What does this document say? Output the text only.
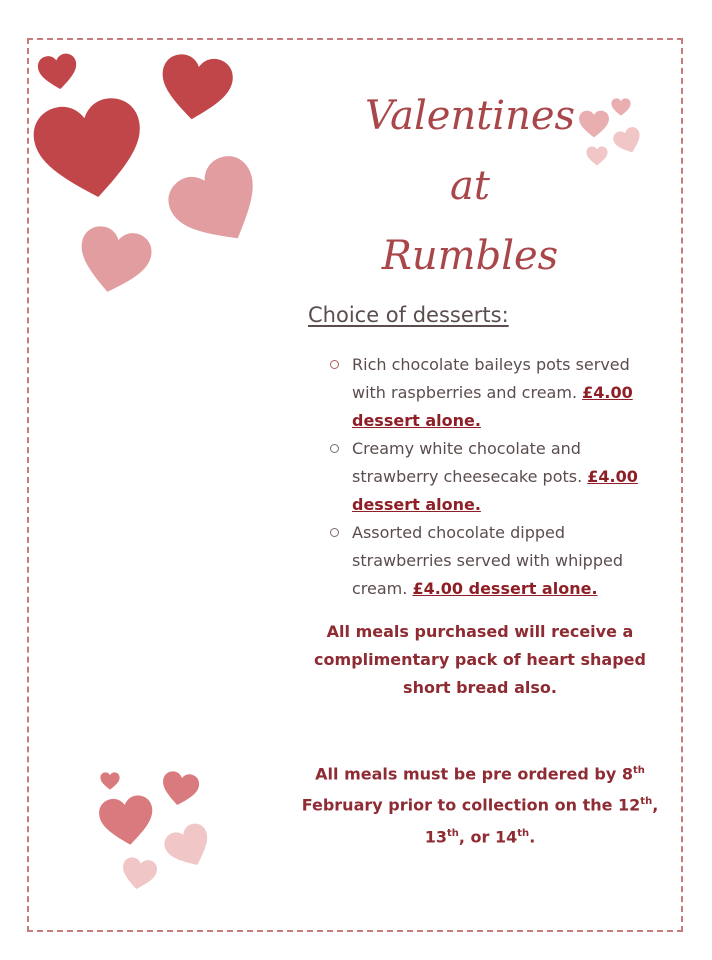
Valentines
at
Rumbles
Choice of desserts:
Rich chocolate baileys pots served with raspberries and cream. £4.00 dessert alone.
Creamy white chocolate and strawberry cheesecake pots. £4.00 dessert alone.
Assorted chocolate dipped strawberries served with whipped cream. £4.00 dessert alone.
All meals purchased will receive a complimentary pack of heart shaped short bread also.
All meals must be pre ordered by 8th February prior to collection on the 12th, 13th, or 14th.
